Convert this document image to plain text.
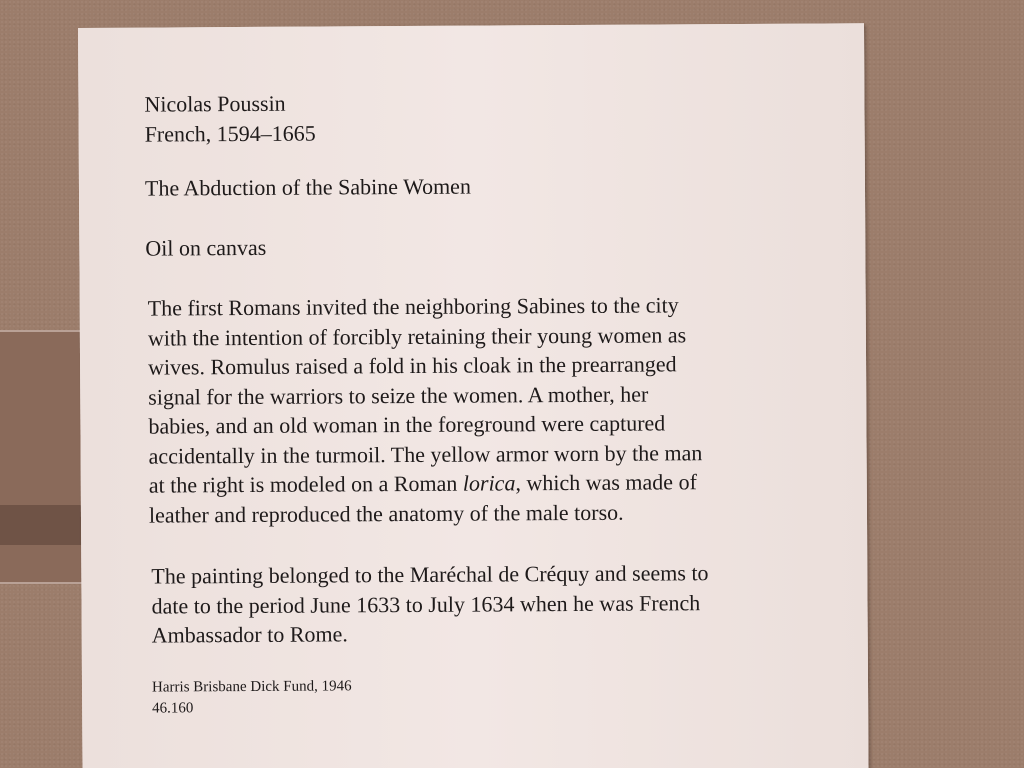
Nicolas Poussin
French, 1594–1665
The Abduction of the Sabine Women
Oil on canvas
The first Romans invited the neighboring Sabines to the city
with the intention of forcibly retaining their young women as
wives. Romulus raised a fold in his cloak in the prearranged
signal for the warriors to seize the women. A mother, her
babies, and an old woman in the foreground were captured
accidentally in the turmoil. The yellow armor worn by the man
at the right is modeled on a Roman lorica, which was made of
leather and reproduced the anatomy of the male torso.
The painting belonged to the Maréchal de Créquy and seems to
date to the period June 1633 to July 1634 when he was French
Ambassador to Rome.
Harris Brisbane Dick Fund, 1946
46.160
